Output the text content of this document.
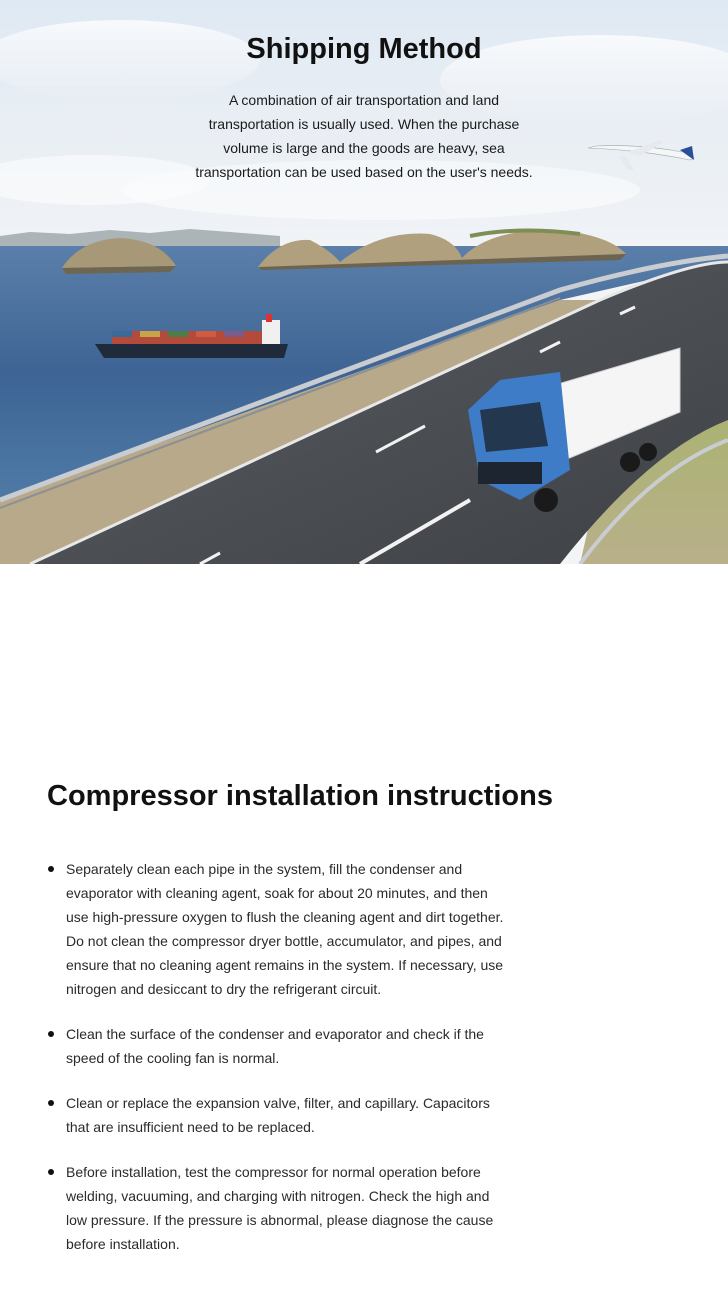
Shipping Method

A combination of air transportation and land transportation is usually used. When the purchase volume is large and the goods are heavy, sea transportation can be used based on the user's needs.

Compressor installation instructions
Separately clean each pipe in the system, fill the condenser and evaporator with cleaning agent, soak for about 20 minutes, and then use high-pressure oxygen to flush the cleaning agent and dirt together. Do not clean the compressor dryer bottle, accumulator, and pipes, and ensure that no cleaning agent remains in the system. If necessary, use nitrogen and desiccant to dry the refrigerant circuit.
Clean the surface of the condenser and evaporator and check if the speed of the cooling fan is normal.
Clean or replace the expansion valve, filter, and capillary. Capacitors that are insufficient need to be replaced.
Before installation, test the compressor for normal operation before welding, vacuuming, and charging with nitrogen. Check the high and low pressure. If the pressure is abnormal, please diagnose the cause before installation.
